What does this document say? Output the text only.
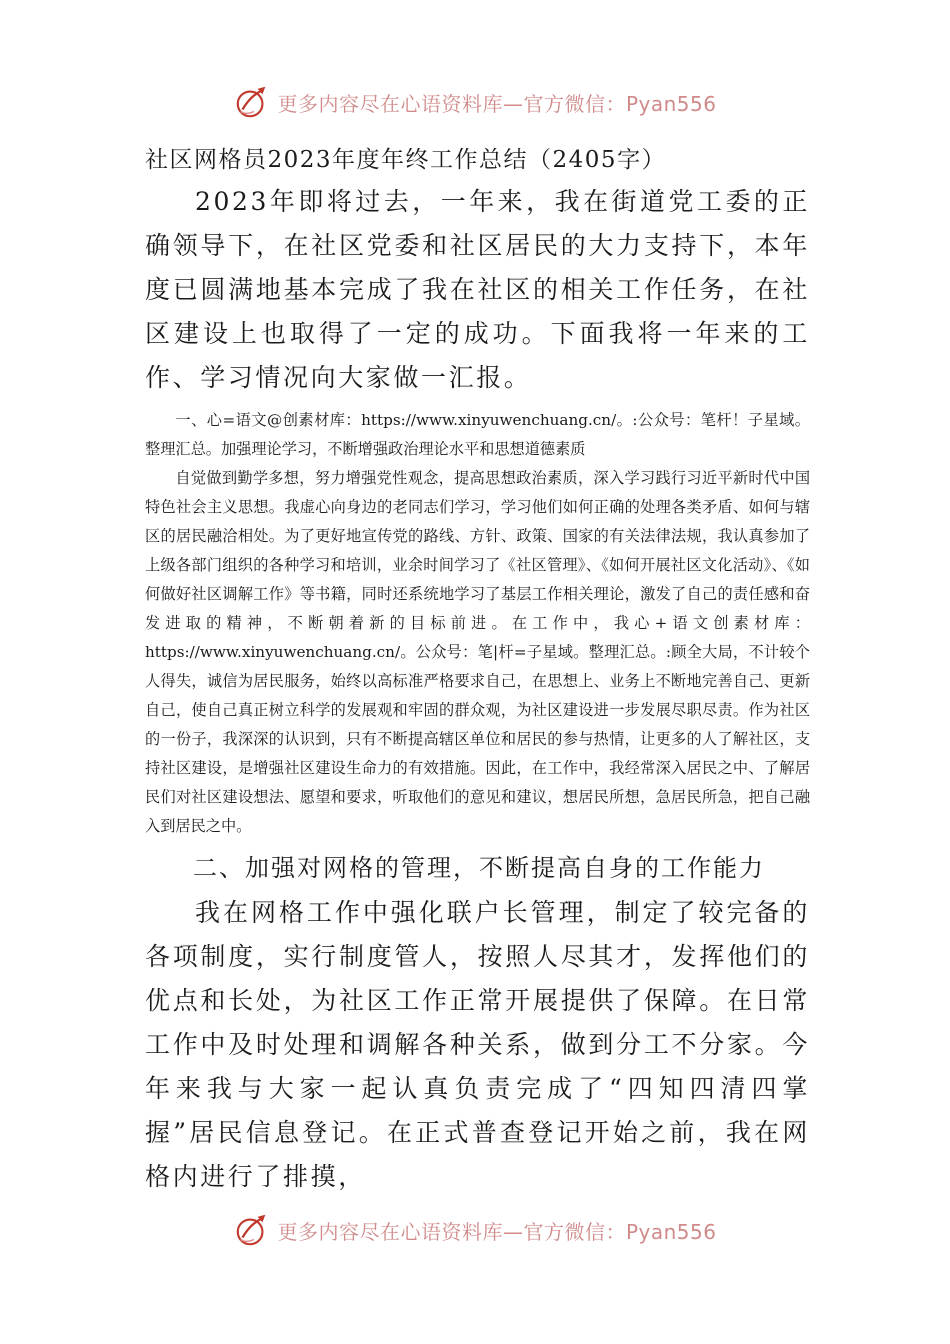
更多内容尽在心语资料库—官方微信：Pyan556
社区网格员2023年度年终工作总结（2405字）

2023年即将过去，一年来，我在街道党工委的正确领导下，在社区党委和社区居民的大力支持下，本年度已圆满地基本完成了我在社区的相关工作任务，在社区建设上也取得了一定的成功。下面我将一年来的工作、学习情况向大家做一汇报。

一、心=语文@创素材库：https://www.xinyuwenchuang.cn/。:公众号：笔杆！子星域。整理汇总。加强理论学习，不断增强政治理论水平和思想道德素质

自觉做到勤学多想，努力增强党性观念，提高思想政治素质，深入学习践行习近平新时代中国特色社会主义思想。我虚心向身边的老同志们学习，学习他们如何正确的处理各类矛盾、如何与辖区的居民融洽相处。为了更好地宣传党的路线、方针、政策、国家的有关法律法规，我认真参加了上级各部门组织的各种学习和培训，业余时间学习了《社区管理》、《如何开展社区文化活动》、《如何做好社区调解工作》等书籍，同时还系统地学习了基层工作相关理论，激发了自己的责任感和奋发进取的精神，不断朝着新的目标前进。在工作中，我心+语文创素材库：https://www.xinyuwenchuang.cn/。公众号：笔|杆=子星域。整理汇总。:顾全大局，不计较个人得失，诚信为居民服务，始终以高标准严格要求自己，在思想上、业务上不断地完善自己、更新自己，使自己真正树立科学的发展观和牢固的群众观，为社区建设进一步发展尽职尽责。作为社区的一份子，我深深的认识到，只有不断提高辖区单位和居民的参与热情，让更多的人了解社区，支持社区建设，是增强社区建设生命力的有效措施。因此，在工作中，我经常深入居民之中、了解居民们对社区建设想法、愿望和要求，听取他们的意见和建议，想居民所想，急居民所急，把自己融入到居民之中。

二、加强对网格的管理，不断提高自身的工作能力

我在网格工作中强化联户长管理，制定了较完备的各项制度，实行制度管人，按照人尽其才，发挥他们的优点和长处，为社区工作正常开展提供了保障。在日常工作中及时处理和调解各种关系，做到分工不分家。今年来我与大家一起认真负责完成了“四知四清四掌握”居民信息登记。在正式普查登记开始之前，我在网格内进行了排摸，

更多内容尽在心语资料库—官方微信：Pyan556
